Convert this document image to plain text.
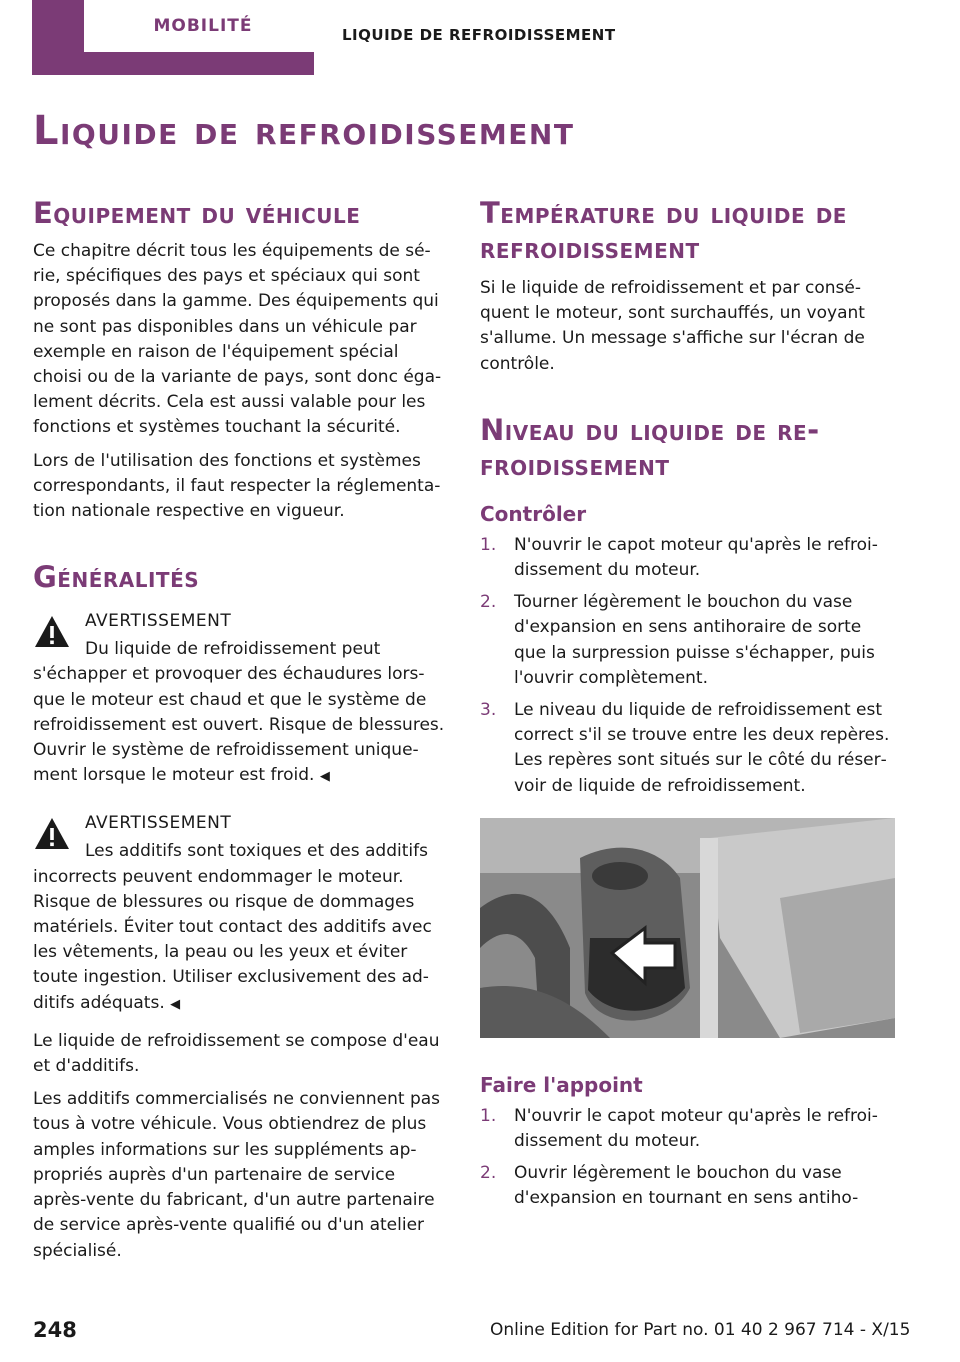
MOBILITÉ	LIQUIDE DE REFROIDISSEMENT
Liquide de refroidissement
Equipement du véhicule

Ce chapitre décrit tous les équipements de série, spécifiques des pays et spéciaux qui sont proposés dans la gamme. Des équipements qui ne sont pas disponibles dans un véhicule par exemple en raison de l'équipement spécial choisi ou de la variante de pays, sont donc également décrits. Cela est aussi valable pour les fonctions et systèmes touchant la sécurité.

Lors de l'utilisation des fonctions et systèmes correspondants, il faut respecter la réglementation nationale respective en vigueur.

Généralités
AVERTISSEMENT

Du liquide de refroidissement peut

s'échapper et provoquer des échaudures lorsque le moteur est chaud et que le système de refroidissement est ouvert. Risque de blessures. Ouvrir le système de refroidissement uniquement lorsque le moteur est froid. ◀

AVERTISSEMENT

Les additifs sont toxiques et des additifs

incorrects peuvent endommager le moteur. Risque de blessures ou risque de dommages matériels. Éviter tout contact des additifs avec les vêtements, la peau ou les yeux et éviter toute ingestion. Utiliser exclusivement des additifs adéquats. ◀

Le liquide de refroidissement se compose d'eau et d'additifs.

Les additifs commercialisés ne conviennent pas tous à votre véhicule. Vous obtiendrez de plus amples informations sur les suppléments appropriés auprès d'un partenaire de service après-vente du fabricant, d'un autre partenaire de service après-vente qualifié ou d'un atelier spécialisé.

Température du liquide de refroidissement

Si le liquide de refroidissement et par conséquent le moteur, sont surchauffés, un voyant s'allume. Un message s'affiche sur l'écran de contrôle.

Niveau du liquide de refroidissement
Contrôler
1. N'ouvrir le capot moteur qu'après le refroidissement du moteur.
2. Tourner légèrement le bouchon du vase d'expansion en sens antihoraire de sorte que la surpression puisse s'échapper, puis l'ouvrir complètement.
3. Le niveau du liquide de refroidissement est correct s'il se trouve entre les deux repères. Les repères sont situés sur le côté du réservoir de liquide de refroidissement.
Faire l'appoint
1. N'ouvrir le capot moteur qu'après le refroidissement du moteur.
2. Ouvrir légèrement le bouchon du vase d'expansion en tournant en sens antiho-
248	Online Edition for Part no. 01 40 2 967 714 - X/15
